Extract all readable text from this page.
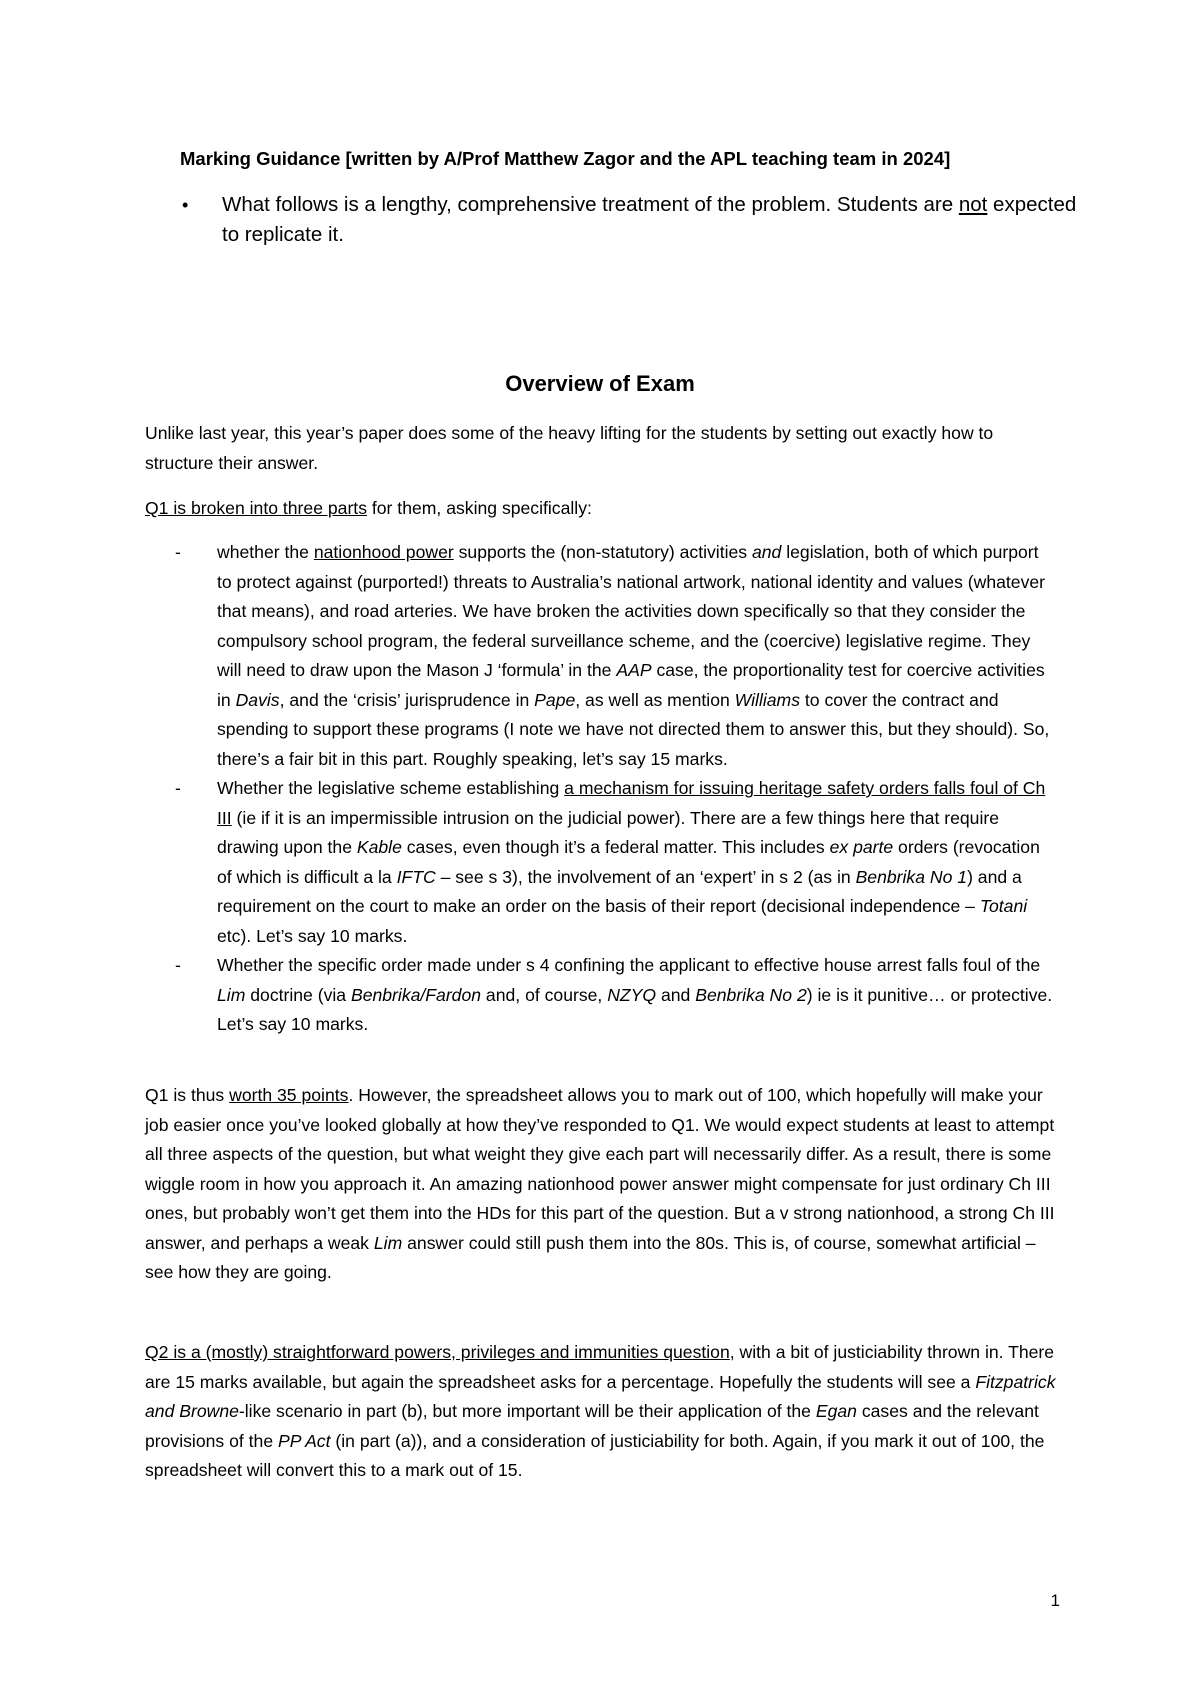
Marking Guidance [written by A/Prof Matthew Zagor and the APL teaching team in 2024]
•	What follows is a lengthy, comprehensive treatment of the problem. Students are not expected to replicate it.
Overview of Exam
Unlike last year, this year’s paper does some of the heavy lifting for the students by setting out exactly how to structure their answer.
Q1 is broken into three parts for them, asking specifically:
-	whether the nationhood power supports the (non-statutory) activities and legislation, both of which purport to protect against (purported!) threats to Australia’s national artwork, national identity and values (whatever that means), and road arteries. We have broken the activities down specifically so that they consider the compulsory school program, the federal surveillance scheme, and the (coercive) legislative regime. They will need to draw upon the Mason J ‘formula’ in the AAP case, the proportionality test for coercive activities in Davis, and the ‘crisis’ jurisprudence in Pape, as well as mention Williams to cover the contract and spending to support these programs (I note we have not directed them to answer this, but they should). So, there’s a fair bit in this part. Roughly speaking, let’s say 15 marks.
-	Whether the legislative scheme establishing a mechanism for issuing heritage safety orders falls foul of Ch III (ie if it is an impermissible intrusion on the judicial power). There are a few things here that require drawing upon the Kable cases, even though it’s a federal matter. This includes ex parte orders (revocation of which is difficult a la IFTC – see s 3), the involvement of an ‘expert’ in s 2 (as in Benbrika No 1) and a requirement on the court to make an order on the basis of their report (decisional independence – Totani etc). Let’s say 10 marks.
-	Whether the specific order made under s 4 confining the applicant to effective house arrest falls foul of the Lim doctrine (via Benbrika/Fardon and, of course, NZYQ and Benbrika No 2) ie is it punitive… or protective. Let’s say 10 marks.
Q1 is thus worth 35 points. However, the spreadsheet allows you to mark out of 100, which hopefully will make your job easier once you’ve looked globally at how they’ve responded to Q1. We would expect students at least to attempt all three aspects of the question, but what weight they give each part will necessarily differ. As a result, there is some wiggle room in how you approach it. An amazing nationhood power answer might compensate for just ordinary Ch III ones, but probably won’t get them into the HDs for this part of the question. But a v strong nationhood, a strong Ch III answer, and perhaps a weak Lim answer could still push them into the 80s. This is, of course, somewhat artificial – see how they are going.
Q2 is a (mostly) straightforward powers, privileges and immunities question, with a bit of justiciability thrown in. There are 15 marks available, but again the spreadsheet asks for a percentage. Hopefully the students will see a Fitzpatrick and Browne-like scenario in part (b), but more important will be their application of the Egan cases and the relevant provisions of the PP Act (in part (a)), and a consideration of justiciability for both. Again, if you mark it out of 100, the spreadsheet will convert this to a mark out of 15.
1
